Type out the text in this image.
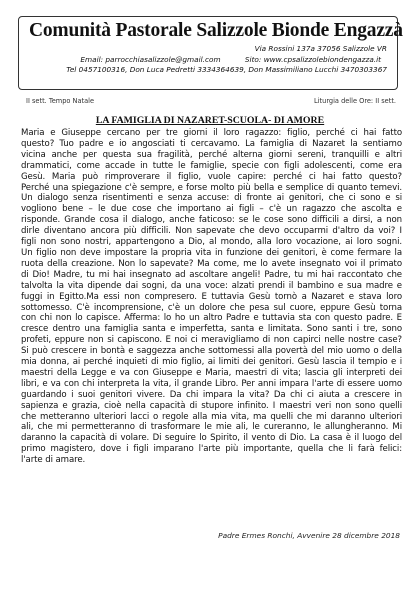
Comunità Pastorale Salizzole Bionde Engazzà
Via Rossini 137a 37056 Salizzole VR
Email: parrocchiasalizzole@gmail.com	Sito: www.cpsalizzolebiondengazza.it
Tel 0457100316, Don Luca Pedretti 3334364639, Don Massimiliano Lucchi 3470303367
II sett. Tempo Natale	Liturgia delle Ore: II sett.
LA FAMIGLIA DI NAZARET-SCUOLA- DI AMORE
Maria e Giuseppe cercano per tre giorni il loro ragazzo: figlio, perché ci hai fatto
questo? Tuo padre e io angosciati ti cercavamo. La famiglia di Nazaret la sentiamo
vicina anche per questa sua fragilità, perché alterna giorni sereni, tranquilli e altri
drammatici, come accade in tutte le famiglie, specie con figli adolescenti, come era
Gesù. Maria può rimproverare il figlio, vuole capire: perché ci hai fatto questo?
Perché una spiegazione c'è sempre, e forse molto più bella e semplice di quanto temevi.
Un dialogo senza risentimenti e senza accuse: di fronte ai genitori, che ci sono e si
vogliono bene – le due cose che importano ai figli – c'è un ragazzo che ascolta e
risponde. Grande cosa il dialogo, anche faticoso: se le cose sono difficili a dirsi, a non
dirle diventano ancora più difficili. Non sapevate che devo occuparmi d'altro da voi? I
figli non sono nostri, appartengono a Dio, al mondo, alla loro vocazione, ai loro sogni.
Un figlio non deve impostare la propria vita in funzione dei genitori, è come fermare la
ruota della creazione. Non lo sapevate? Ma come, me lo avete insegnato voi il primato
di Dio! Madre, tu mi hai insegnato ad ascoltare angeli! Padre, tu mi hai raccontato che
talvolta la vita dipende dai sogni, da una voce: alzati prendi il bambino e sua madre e
fuggi in Egitto.Ma essi non compresero. E tuttavia Gesù tornò a Nazaret e stava loro
sottomesso. C'è incomprensione, c'è un dolore che pesa sul cuore, eppure Gesù torna
con chi non lo capisce. Afferma: lo ho un altro Padre e tuttavia sta con questo padre. E
cresce dentro una famiglia santa e imperfetta, santa e limitata. Sono santi i tre, sono
profeti, eppure non si capiscono. E noi ci meravigliamo di non capirci nelle nostre case?
Si può crescere in bontà e saggezza anche sottomessi alla povertà del mio uomo o della
mia donna, ai perché inquieti di mio figlio, ai limiti dei genitori. Gesù lascia il tempio e i
maestri della Legge e va con Giuseppe e Maria, maestri di vita; lascia gli interpreti dei
libri, e va con chi interpreta la vita, il grande Libro. Per anni impara l'arte di essere uomo
guardando i suoi genitori vivere. Da chi impara la vita? Da chi ci aiuta a crescere in
sapienza e grazia, cioè nella capacità di stupore infinito. I maestri veri non sono quelli
che metteranno ulteriori lacci o regole alla mia vita, ma quelli che mi daranno ulteriori
ali, che mi permetteranno di trasformare le mie ali, le cureranno, le allungheranno. Mi
daranno la capacità di volare. Di seguire lo Spirito, il vento di Dio. La casa è il luogo del
primo magistero, dove i figli imparano l'arte più importante, quella che li farà felici:
l'arte di amare.
Padre Ermes Ronchi, Avvenire 28 dicembre 2018
